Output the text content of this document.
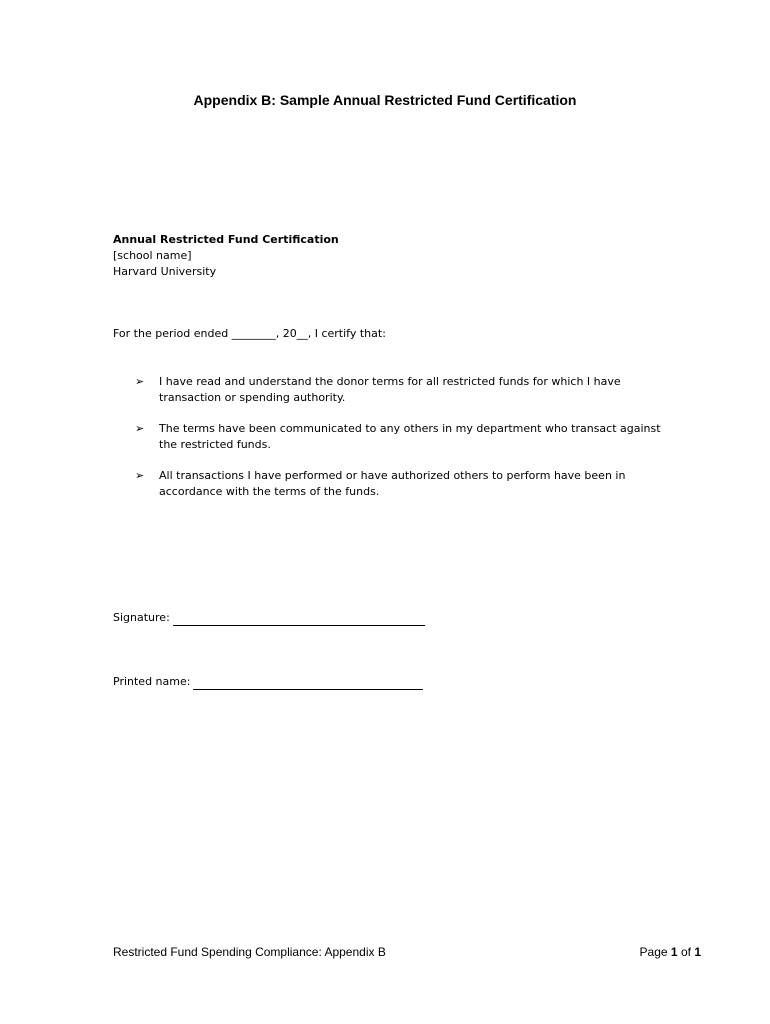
Appendix B: Sample Annual Restricted Fund Certification
Annual Restricted Fund Certification
[school name]
Harvard University
For the period ended ________, 20__, I certify that:
➢ I have read and understand the donor terms for all restricted funds for which I have transaction or spending authority.
➢ The terms have been communicated to any others in my department who transact against the restricted funds.
➢ All transactions I have performed or have authorized others to perform have been in accordance with the terms of the funds.
Signature:
Printed name:
Restricted Fund Spending Compliance: Appendix B	Page 1 of 1
